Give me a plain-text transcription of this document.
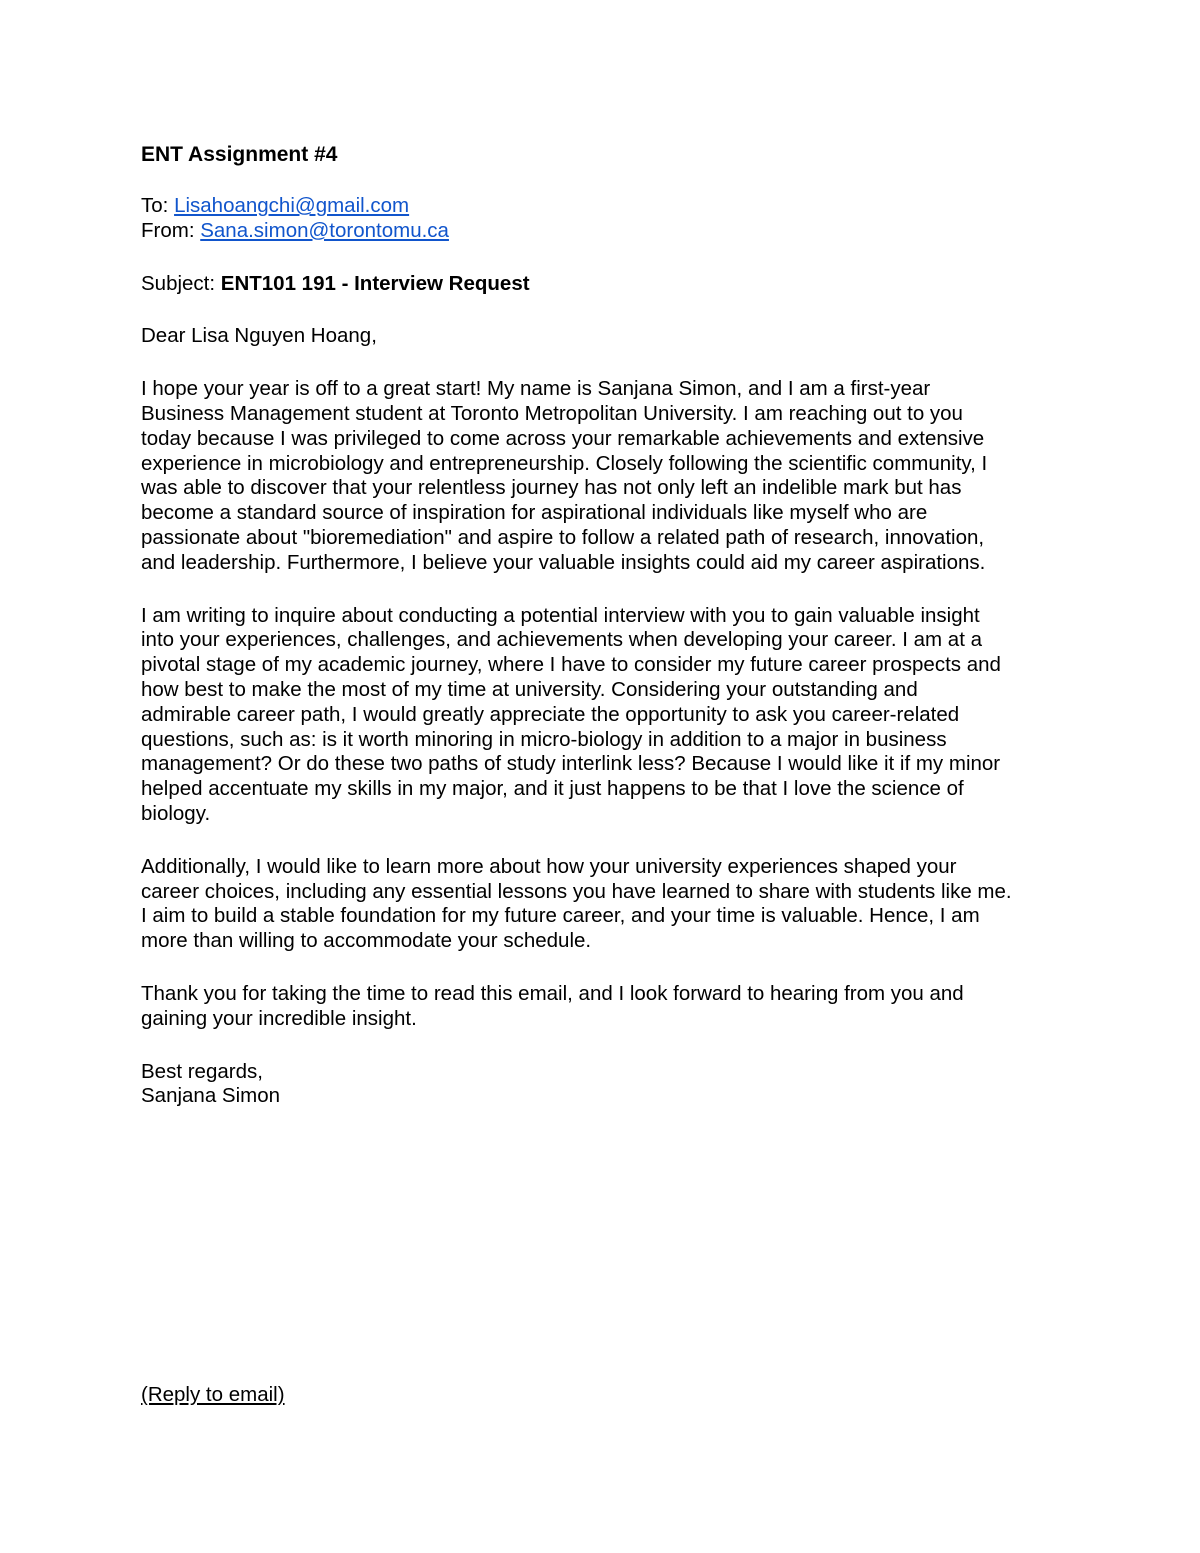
ENT Assignment #4
To: Lisahoangchi@gmail.com
From: Sana.simon@torontomu.ca
Subject: ENT101 191 - Interview Request
Dear Lisa Nguyen Hoang,
I hope your year is off to a great start! My name is Sanjana Simon, and I am a first-year
Business Management student at Toronto Metropolitan University. I am reaching out to you
today because I was privileged to come across your remarkable achievements and extensive
experience in microbiology and entrepreneurship. Closely following the scientific community, I
was able to discover that your relentless journey has not only left an indelible mark but has
become a standard source of inspiration for aspirational individuals like myself who are
passionate about "bioremediation" and aspire to follow a related path of research, innovation,
and leadership. Furthermore, I believe your valuable insights could aid my career aspirations.
I am writing to inquire about conducting a potential interview with you to gain valuable insight
into your experiences, challenges, and achievements when developing your career. I am at a
pivotal stage of my academic journey, where I have to consider my future career prospects and
how best to make the most of my time at university. Considering your outstanding and
admirable career path, I would greatly appreciate the opportunity to ask you career-related
questions, such as: is it worth minoring in micro-biology in addition to a major in business
management? Or do these two paths of study interlink less? Because I would like it if my minor
helped accentuate my skills in my major, and it just happens to be that I love the science of
biology.
Additionally, I would like to learn more about how your university experiences shaped your
career choices, including any essential lessons you have learned to share with students like me.
I aim to build a stable foundation for my future career, and your time is valuable. Hence, I am
more than willing to accommodate your schedule.
Thank you for taking the time to read this email, and I look forward to hearing from you and
gaining your incredible insight.
Best regards,
Sanjana Simon
(Reply to email)
